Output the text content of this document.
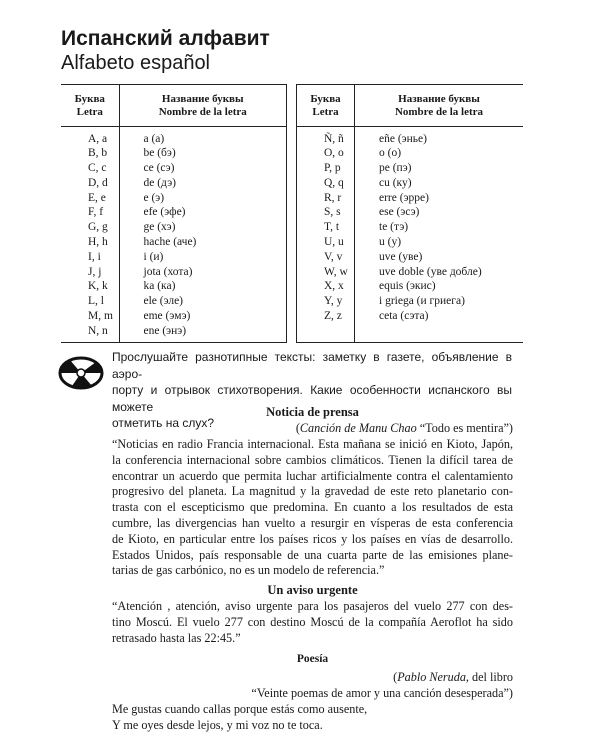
Испанский алфавит
Alfabeto español
Буква
Letra	Название буквы
Nombre de la letra
A, a	a (а)
B, b	be (бэ)
C, c	ce (сэ)
D, d	de (дэ)
E, e	e (э)
F, f	efe (эфе)
G, g	ge (хэ)
H, h	hache (аче)
I, i	i (и)
J, j	jota (хота)
K, k	ka (ка)
L, l	ele (эле)
M, m	eme (эмэ)
N, n	ene (энэ)
Буква
Letra	Название буквы
Nombre de la letra
Ñ, ñ	eñe (энье)
O, o	o (о)
P, p	pe (пэ)
Q, q	cu (ку)
R, r	erre (эрре)
S, s	ese (эсэ)
T, t	te (тэ)
U, u	u (у)
V, v	uve (уве)
W, w	uve doble (уве добле)
X, x	equis (экис)
Y, y	i griega (и гриега)
Z, z	ceta (сэта)

Прослушайте разнотипные тексты: заметку в газете, объявление в аэро-
порту и отрывок стихотворения. Какие особенности испанского вы можете
отметить на слух?
Noticia de prensa
(Canción de Manu Chao “Todo es mentira”)
“Noticias en radio Francia internacional. Esta mañana se inició en Kioto, Japón,
la conferencia internacional sobre cambios climáticos. Tienen la difícil tarea de
encontrar un acuerdo que permita luchar artificialmente contra el calentamiento
progresivo del planeta. La magnitud y la gravedad de este reto planetario con-
trasta con el escepticismo que predomina. En cuanto a los resultados de esta
cumbre, las divergencias han vuelto a resurgir en vísperas de esta conferencia
de Kioto, en particular entre los países ricos y los países en vías de desarrollo.
Estados Unidos, país responsable de una cuarta parte de las emisiones plane-
tarias de gas carbónico, no es un modelo de referencia.”
Un aviso urgente
“Atención , atención, aviso urgente para los pasajeros del vuelo 277 con des-
tino Moscú. El vuelo 277 con destino Moscú de la compañía Aeroflot ha sido
retrasado hasta las 22:45.”
Poesía
(Pablo Neruda, del libro
“Veinte poemas de amor y una canción desesperada”)
Me gustas cuando callas porque estás como ausente,
Y me oyes desde lejos, y mi voz no te toca.
